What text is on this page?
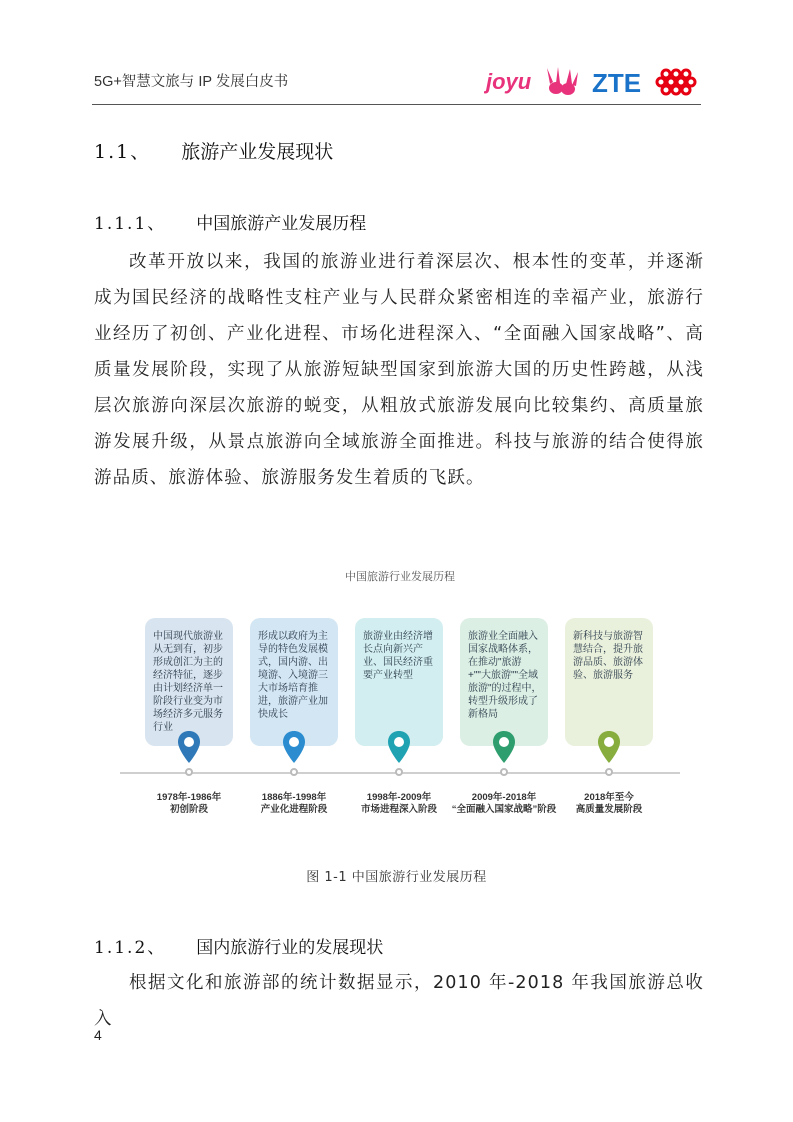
5G+智慧文旅与 IP 发展白皮书	joyu ZTE
1.1、 旅游产业发展现状
1.1.1、 中国旅游产业发展历程

改革开放以来，我国的旅游业进行着深层次、根本性的变革，并逐渐成为国民经济的战略性支柱产业与人民群众紧密相连的幸福产业，旅游行业经历了初创、产业化进程、市场化进程深入、“全面融入国家战略”、高质量发展阶段，实现了从旅游短缺型国家到旅游大国的历史性跨越，从浅层次旅游向深层次旅游的蜕变，从粗放式旅游发展向比较集约、高质量旅游发展升级，从景点旅游向全域旅游全面推进。科技与旅游的结合使得旅游品质、旅游体验、旅游服务发生着质的飞跃。

中国旅游行业发展历程
中国现代旅游业从无到有，初步形成创汇为主的经济特征，逐步由计划经济单一阶段行业变为市场经济多元服务行业
形成以政府为主导的特色发展模式，国内游、出境游、入境游三大市场培育推进，旅游产业加快成长
旅游业由经济增长点向新兴产业、国民经济重要产业转型
旅游业全面融入国家战略体系，在推动"旅游+""大旅游""全域旅游"的过程中，转型升级形成了新格局
新科技与旅游智慧结合，提升旅游品质、旅游体验、旅游服务
1978年-1986年
初创阶段
1886年-1998年
产业化进程阶段
1998年-2009年
市场进程深入阶段
2009年-2018年
“全面融入国家战略”阶段
2018年至今
高质量发展阶段
图 1-1 中国旅游行业发展历程
1.1.2、 国内旅游行业的发展现状

根据文化和旅游部的统计数据显示，2010 年-2018 年我国旅游总收入

4
